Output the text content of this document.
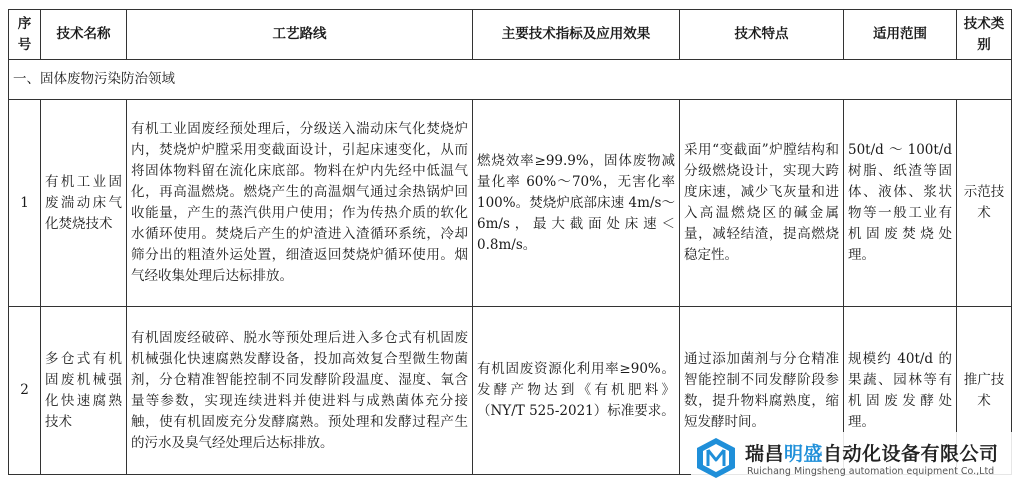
序号	技术名称	工艺路线	主要技术指标及应用效果	技术特点	适用范围	技术类别
一、固体废物污染防治领域						
1	有机工业固废湍动床气化焚烧技术	有机工业固废经预处理后，分级送入湍动床气化焚烧炉内，焚烧炉炉膛采用变截面设计，引起床速变化，从而将固体物料留在流化床底部。物料在炉内先经中低温气化，再高温燃烧。燃烧产生的高温烟气通过余热锅炉回收能量，产生的蒸汽供用户使用；作为传热介质的软化水循环使用。焚烧后产生的炉渣进入渣循环系统，冷却筛分出的粗渣外运处置，细渣返回焚烧炉循环使用。烟气经收集处理后达标排放。	燃烧效率≥99.9%，固体废物减量化率 60%～70%，无害化率 100%。焚烧炉底部床速 4m/s～6m/s，最大截面处床速＜0.8m/s。	采用“变截面”炉膛结构和分级燃烧设计，实现大跨度床速，减少飞灰量和进入高温燃烧区的碱金属量，减轻结渣，提高燃烧稳定性。	50t/d～100t/d 树脂、纸渣等固体、液体、浆状物等一般工业有机固废焚烧处理。	示范技术
2	多仓式有机固废机械强化快速腐熟技术	有机固废经破碎、脱水等预处理后进入多仓式有机固废机械强化快速腐熟发酵设备，投加高效复合型微生物菌剂，分仓精准智能控制不同发酵阶段温度、湿度、氧含量等参数，实现连续进料并使进料与成熟菌体充分接触，使有机固废充分发酵腐熟。预处理和发酵过程产生的污水及臭气经处理后达标排放。	有机固废资源化利用率≥90%。发酵产物达到《有机肥料》（NY/T 525-2021）标准要求。	通过添加菌剂与分仓精准智能控制不同发酵阶段参数，提升物料腐熟度，缩短发酵时间。	规模约 40t/d 的果蔬、园林等有机固废发酵处理。	推广技术
瑞昌明盛自动化设备有限公司
Ruichang Mingsheng automation equipment Co.,Ltd
